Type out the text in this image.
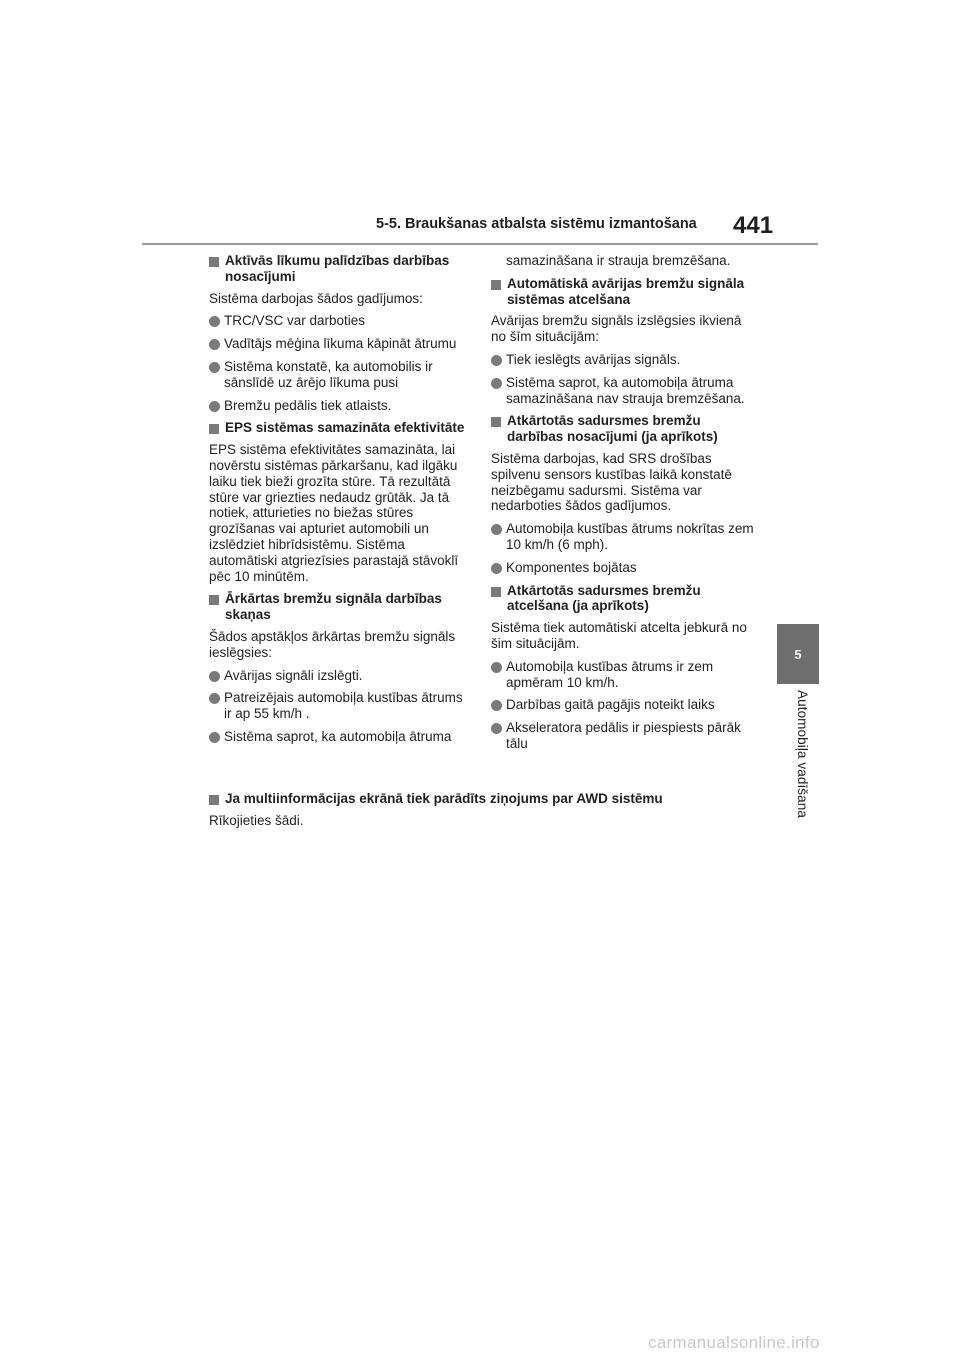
5-5. Braukšanas atbalsta sistēmu izmantošana 441
5
Automobiļa vadīšana
Aktīvās līkumu palīdzības darbības nosacījumi

Sistēma darbojas šādos gadījumos:

TRC/VSC var darboties
Vadītājs mēģina līkuma kāpināt ātrumu
Sistēma konstatē, ka automobilis ir sānslīdē uz ārējo līkuma pusi
Bremžu pedālis tiek atlaists.
EPS sistēmas samazināta efektivitāte

EPS sistēma efektivitātes samazināta, lai novērstu sistēmas pārkaršanu, kad ilgāku laiku tiek bieži grozīta stūre. Tā rezultātā stūre var griezties nedaudz grūtāk. Ja tā notiek, atturieties no biežas stūres grozīšanas vai apturiet automobili un izslēdziet hibrīdsistēmu. Sistēma automātiski atgriezīsies parastajā stāvoklī pēc 10 minūtēm.

Ārkārtas bremžu signāla darbības skaņas

Šādos apstākļos ārkārtas bremžu signāls ieslēgsies:

Avārijas signāli izslēgti.
Patreizējais automobiļa kustības ātrums ir ap 55 km/h .
Sistēma saprot, ka automobiļa ātruma

samazināšana ir strauja bremzēšana.

Automātiskā avārijas bremžu signāla sistēmas atcelšana

Avārijas bremžu signāls izslēgsies ikvienā no šīm situācijām:

Tiek ieslēgts avārijas signāls.
Sistēma saprot, ka automobiļa ātruma samazināšana nav strauja bremzēšana.
Atkārtotās sadursmes bremžu darbības nosacījumi (ja aprīkots)

Sistēma darbojas, kad SRS drošības spilvenu sensors kustības laikā konstatē neizbēgamu sadursmi. Sistēma var nedarboties šādos gadījumos.

Automobiļa kustības ātrums nokrītas zem 10 km/h (6 mph).
Komponentes bojātas
Atkārtotās sadursmes bremžu atcelšana (ja aprīkots)

Sistēma tiek automātiski atcelta jebkurā no šim situācijām.

Automobiļa kustības ātrums ir zem apmēram 10 km/h.
Darbības gaitā pagājis noteikt laiks
Akseleratora pedālis ir piespiests pārāk tālu
Ja multiinformācijas ekrānā tiek parādīts ziņojums par AWD sistēmu

Rīkojieties šādi.

carmanualsonline.info
